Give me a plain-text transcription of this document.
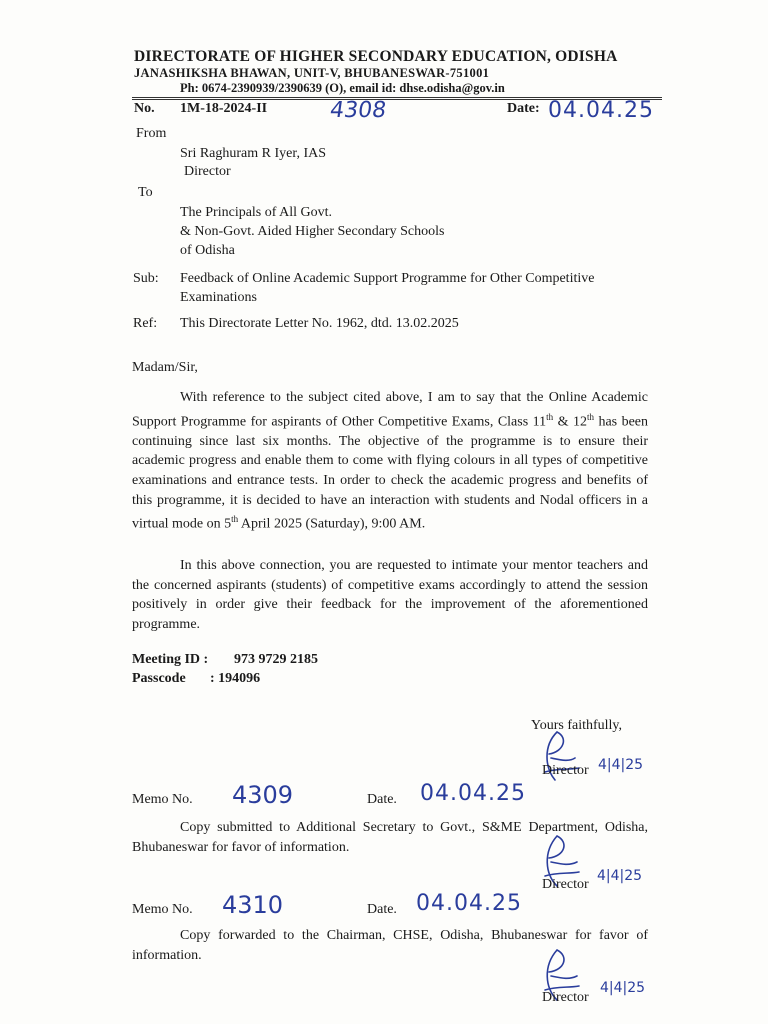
DIRECTORATE OF HIGHER SECONDARY EDUCATION, ODISHA
JANASHIKSHA BHAWAN, UNIT-V, BHUBANESWAR-751001
Ph: 0674-2390939/2390639 (O), email id: dhse.odisha@gov.in
No. 1M-18-2024-II	4308	Date: 04.04.25
From
Sri Raghuram R Iyer, IAS
Director
To
The Principals of All Govt.
& Non-Govt. Aided Higher Secondary Schools
of Odisha
Sub: Feedback of Online Academic Support Programme for Other Competitive
Examinations
Ref: This Directorate Letter No. 1962, dtd. 13.02.2025
Madam/Sir,
With reference to the subject cited above, I am to say that the Online Academic Support Programme for aspirants of Other Competitive Exams, Class 11th & 12th has been continuing since last six months. The objective of the programme is to ensure their academic progress and enable them to come with flying colours in all types of competitive examinations and entrance tests. In order to check the academic progress and benefits of this programme, it is decided to have an interaction with students and Nodal officers in a virtual mode on 5th April 2025 (Saturday), 9:00 AM.
In this above connection, you are requested to intimate your mentor teachers and the concerned aspirants (students) of competitive exams accordingly to attend the session positively in order give their feedback for the improvement of the aforementioned programme.
Meeting ID : 973 9729 2185
Passcode : 194096
Yours faithfully,
Director 4|4|25
Memo No. 4309	Date. 04.04.25
Copy submitted to Additional Secretary to Govt., S&ME Department, Odisha, Bhubaneswar for favor of information.
Director
4|4|25
Memo No. 4310	Date. 04.04.25
Copy forwarded to the Chairman, CHSE, Odisha, Bhubaneswar for favor of information.
Director
4|4|25
